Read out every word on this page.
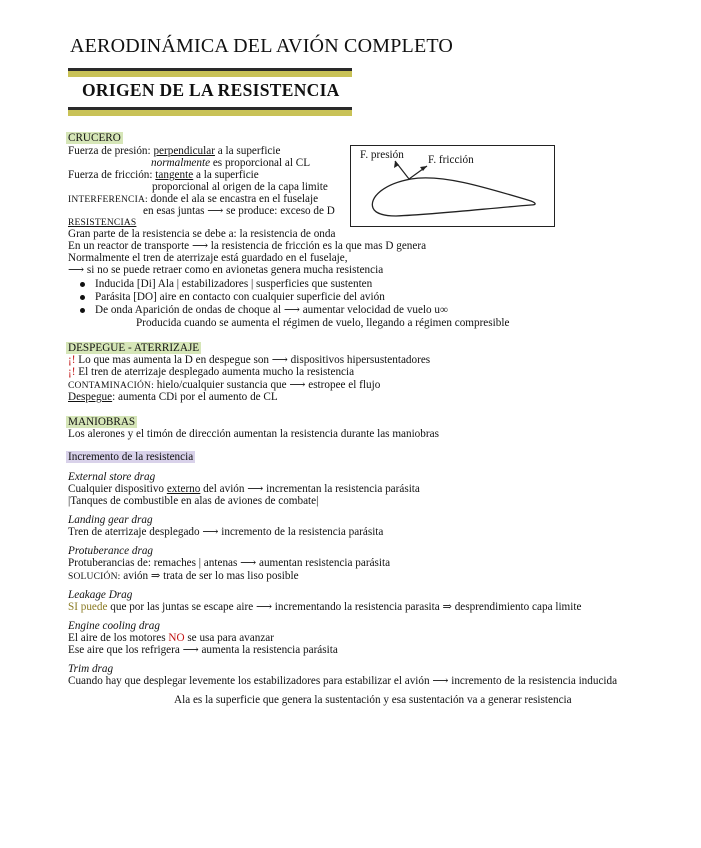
AERODINÁMICA DEL AVIÓN COMPLETO
ORIGEN DE LA RESISTENCIA
CRUCERO
Fuerza de presión: perpendicular a la superficie
normalmente es proporcional al CL
Fuerza de fricción: tangente a la superficie
proporcional al origen de la capa limite
INTERFERENCIA: donde el ala se encastra en el fuselaje
en esas juntas ⟶ se produce: exceso de D
F. presión F. fricción
RESISTENCIAS
Gran parte de la resistencia se debe a: la resistencia de onda
En un reactor de transporte ⟶ la resistencia de fricción es la que mas D genera
Normalmente el tren de aterrizaje está guardado en el fuselaje,
⟶ si no se puede retraer como en avionetas genera mucha resistencia
Inducida [Di] Ala | estabilizadores | susperficies que sustenten
Parásita [DO] aire en contacto con cualquier superficie del avión
De onda Aparición de ondas de choque al ⟶ aumentar velocidad de vuelo u∞
Producida cuando se aumenta el régimen de vuelo, llegando a régimen compresible
DESPEGUE - ATERRIZAJE
¡! Lo que mas aumenta la D en despegue son ⟶ dispositivos hipersustentadores
¡! El tren de aterrizaje desplegado aumenta mucho la resistencia
CONTAMINACIÓN: hielo/cualquier sustancia que ⟶ estropee el flujo
Despegue: aumenta CDi por el aumento de CL
MANIOBRAS
Los alerones y el timón de dirección aumentan la resistencia durante las maniobras
Incremento de la resistencia
External store drag
Cualquier dispositivo externo del avión ⟶ incrementan la resistencia parásita
|Tanques de combustible en alas de aviones de combate|
Landing gear drag
Tren de aterrizaje desplegado ⟶ incremento de la resistencia parásita
Protuberance drag
Protuberancias de: remaches | antenas ⟶ aumentan resistencia parásita
SOLUCIÓN: avión ⇒ trata de ser lo mas liso posible
Leakage Drag
SI puede que por las juntas se escape aire ⟶ incrementando la resistencia parasita ⇒ desprendimiento capa limite
Engine cooling drag
El aire de los motores NO se usa para avanzar
Ese aire que los refrigera ⟶ aumenta la resistencia parásita
Trim drag
Cuando hay que desplegar levemente los estabilizadores para estabilizar el avión ⟶ incremento de la resistencia inducida
Ala es la superficie que genera la sustentación y esa sustentación va a generar resistencia
